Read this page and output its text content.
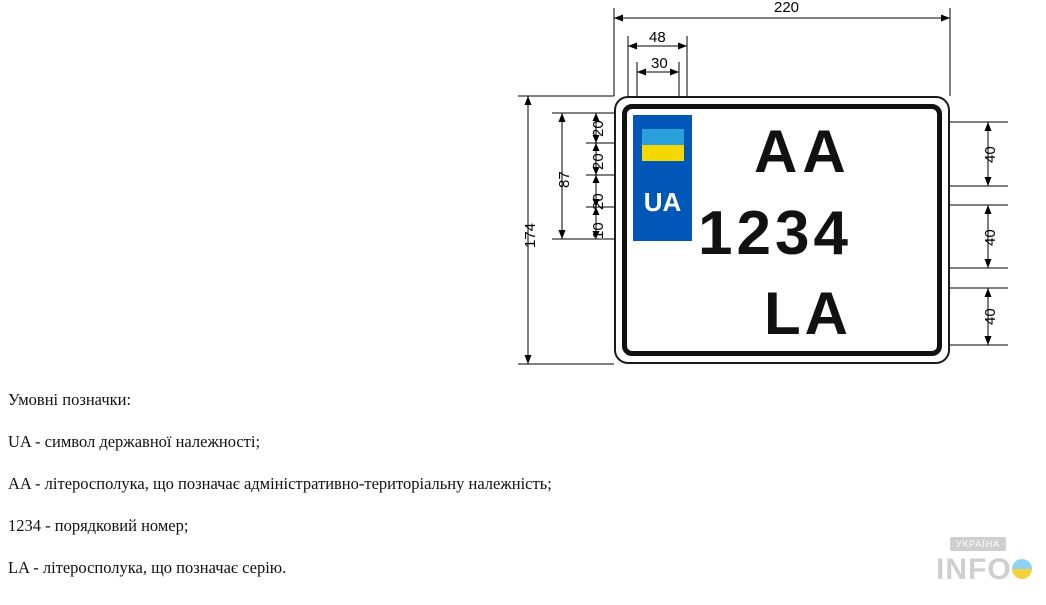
220
48
30
174
87
20
20
20
10
40
40
40
UA
AA
1234
LA

Умовні позначки:

UA - символ державної належності;

AA - літеросполука, що позначає адміністративно-територіальну належність;

1234 - порядковий номер;

LA - літеросполука, що позначає серію.

УКРАЇНА
INFO
